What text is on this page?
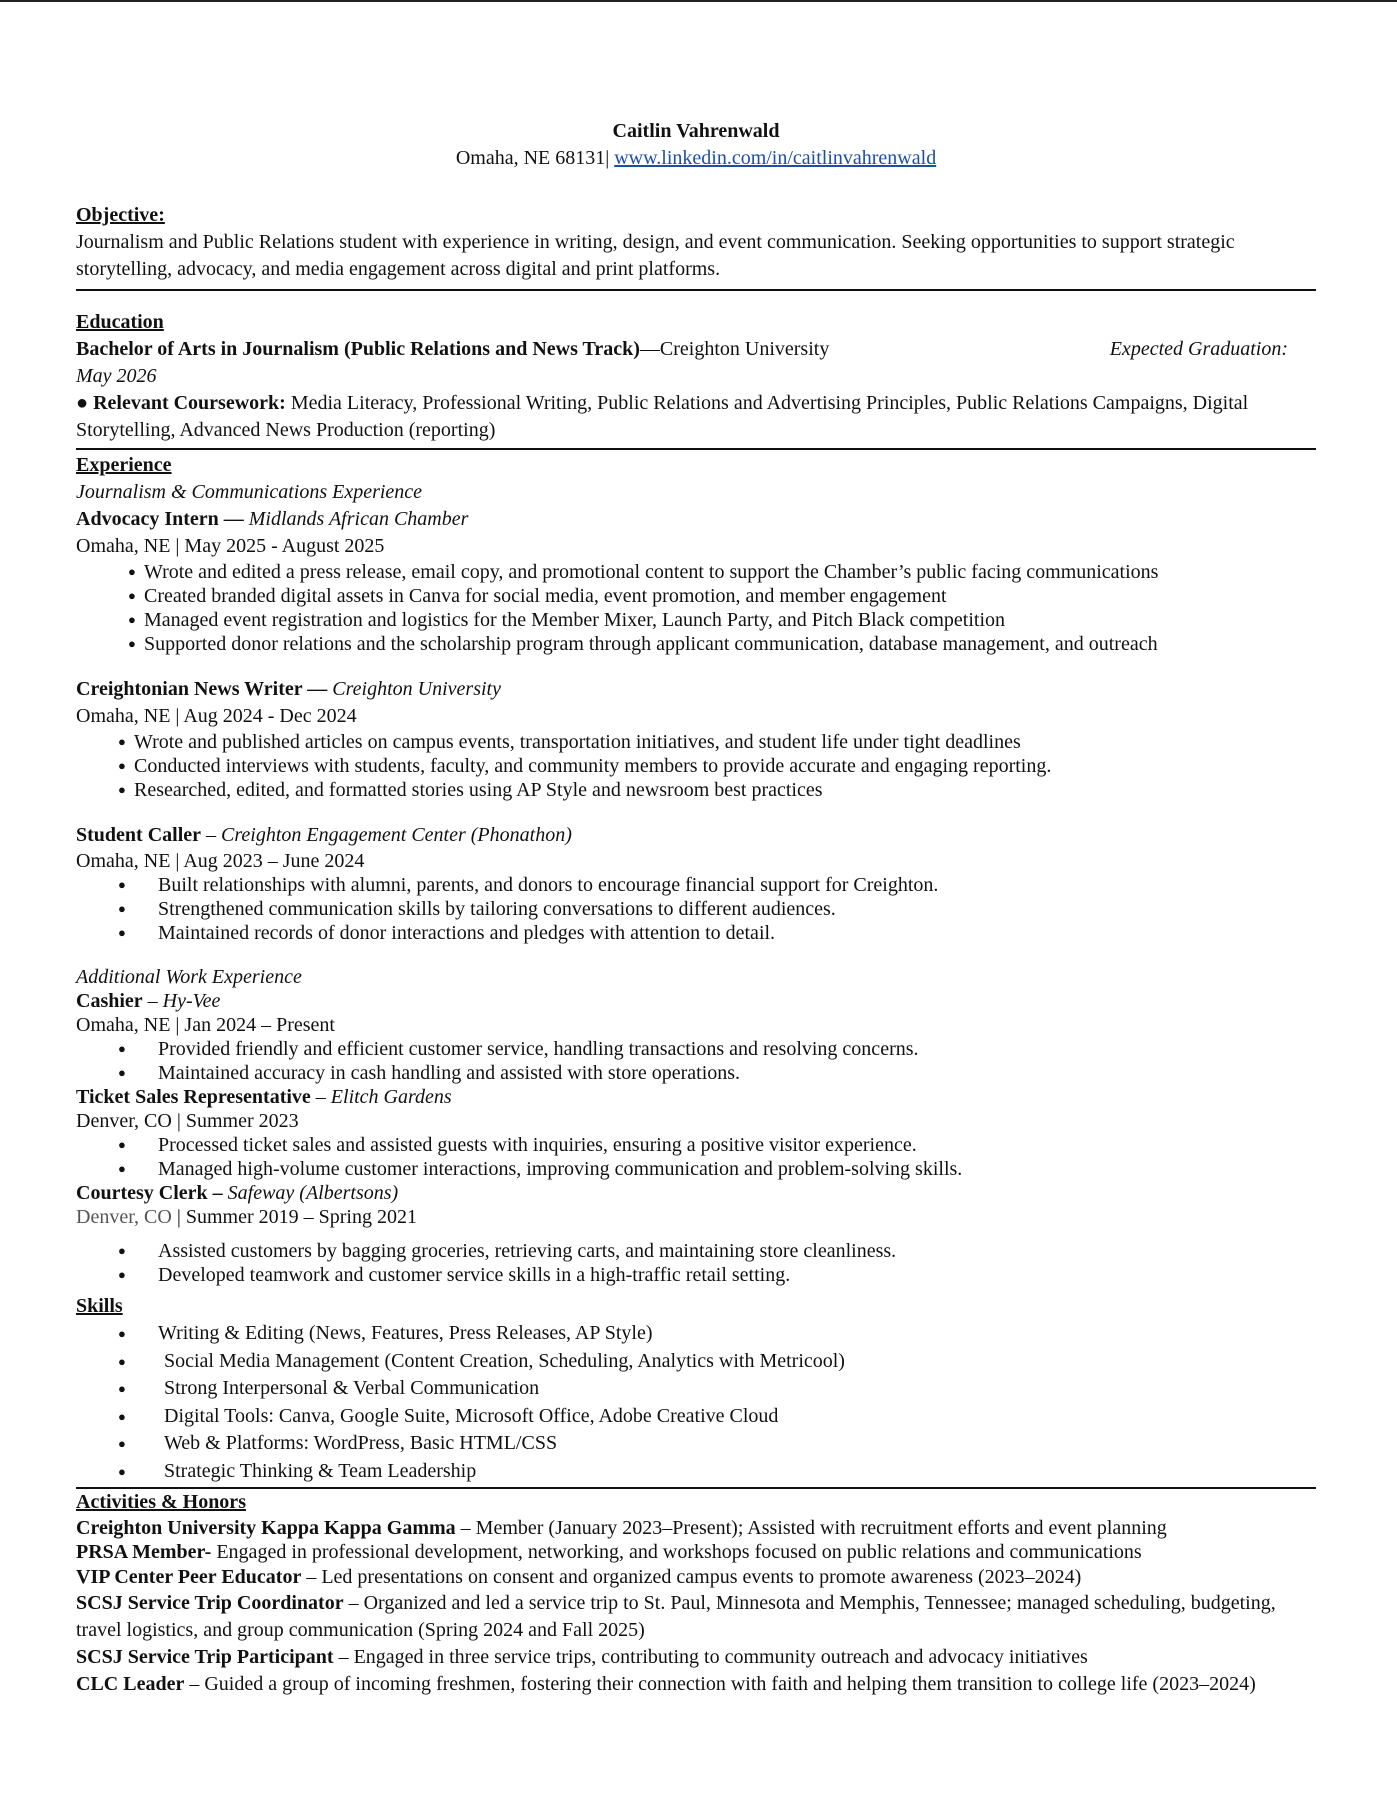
Caitlin Vahrenwald
Omaha, NE 68131| www.linkedin.com/in/caitlinvahrenwald
Objective:
Journalism and Public Relations student with experience in writing, design, and event communication. Seeking opportunities to support strategic storytelling, advocacy, and media engagement across digital and print platforms.
Education
Bachelor of Arts in Journalism (Public Relations and News Track)—Creighton University	Expected Graduation:
May 2026
● Relevant Coursework: Media Literacy, Professional Writing, Public Relations and Advertising Principles, Public Relations Campaigns, Digital Storytelling, Advanced News Production (reporting)
Experience
Journalism & Communications Experience
Advocacy Intern — Midlands African Chamber
Omaha, NE | May 2025 - August 2025
● Wrote and edited a press release, email copy, and promotional content to support the Chamber’s public facing communications
● Created branded digital assets in Canva for social media, event promotion, and member engagement
● Managed event registration and logistics for the Member Mixer, Launch Party, and Pitch Black competition
● Supported donor relations and the scholarship program through applicant communication, database management, and outreach
Creightonian News Writer — Creighton University
Omaha, NE | Aug 2024 - Dec 2024
● Wrote and published articles on campus events, transportation initiatives, and student life under tight deadlines
● Conducted interviews with students, faculty, and community members to provide accurate and engaging reporting.
● Researched, edited, and formatted stories using AP Style and newsroom best practices
Student Caller – Creighton Engagement Center (Phonathon)
Omaha, NE | Aug 2023 – June 2024
● Built relationships with alumni, parents, and donors to encourage financial support for Creighton.
● Strengthened communication skills by tailoring conversations to different audiences.
● Maintained records of donor interactions and pledges with attention to detail.
Additional Work Experience
Cashier – Hy-Vee
Omaha, NE | Jan 2024 – Present
● Provided friendly and efficient customer service, handling transactions and resolving concerns.
● Maintained accuracy in cash handling and assisted with store operations.
Ticket Sales Representative – Elitch Gardens
Denver, CO | Summer 2023
● Processed ticket sales and assisted guests with inquiries, ensuring a positive visitor experience.
● Managed high-volume customer interactions, improving communication and problem-solving skills.
Courtesy Clerk – Safeway (Albertsons)
Denver, CO | Summer 2019 – Spring 2021
● Assisted customers by bagging groceries, retrieving carts, and maintaining store cleanliness.
● Developed teamwork and customer service skills in a high-traffic retail setting.
Skills
● Writing & Editing (News, Features, Press Releases, AP Style)
● Social Media Management (Content Creation, Scheduling, Analytics with Metricool)
● Strong Interpersonal & Verbal Communication
● Digital Tools: Canva, Google Suite, Microsoft Office, Adobe Creative Cloud
● Web & Platforms: WordPress, Basic HTML/CSS
● Strategic Thinking & Team Leadership
Activities & Honors
Creighton University Kappa Kappa Gamma – Member (January 2023–Present); Assisted with recruitment efforts and event planning
PRSA Member- Engaged in professional development, networking, and workshops focused on public relations and communications
VIP Center Peer Educator – Led presentations on consent and organized campus events to promote awareness (2023–2024)
SCSJ Service Trip Coordinator – Organized and led a service trip to St. Paul, Minnesota and Memphis, Tennessee; managed scheduling, budgeting, travel logistics, and group communication (Spring 2024 and Fall 2025)
SCSJ Service Trip Participant – Engaged in three service trips, contributing to community outreach and advocacy initiatives
CLC Leader – Guided a group of incoming freshmen, fostering their connection with faith and helping them transition to college life (2023–2024)
